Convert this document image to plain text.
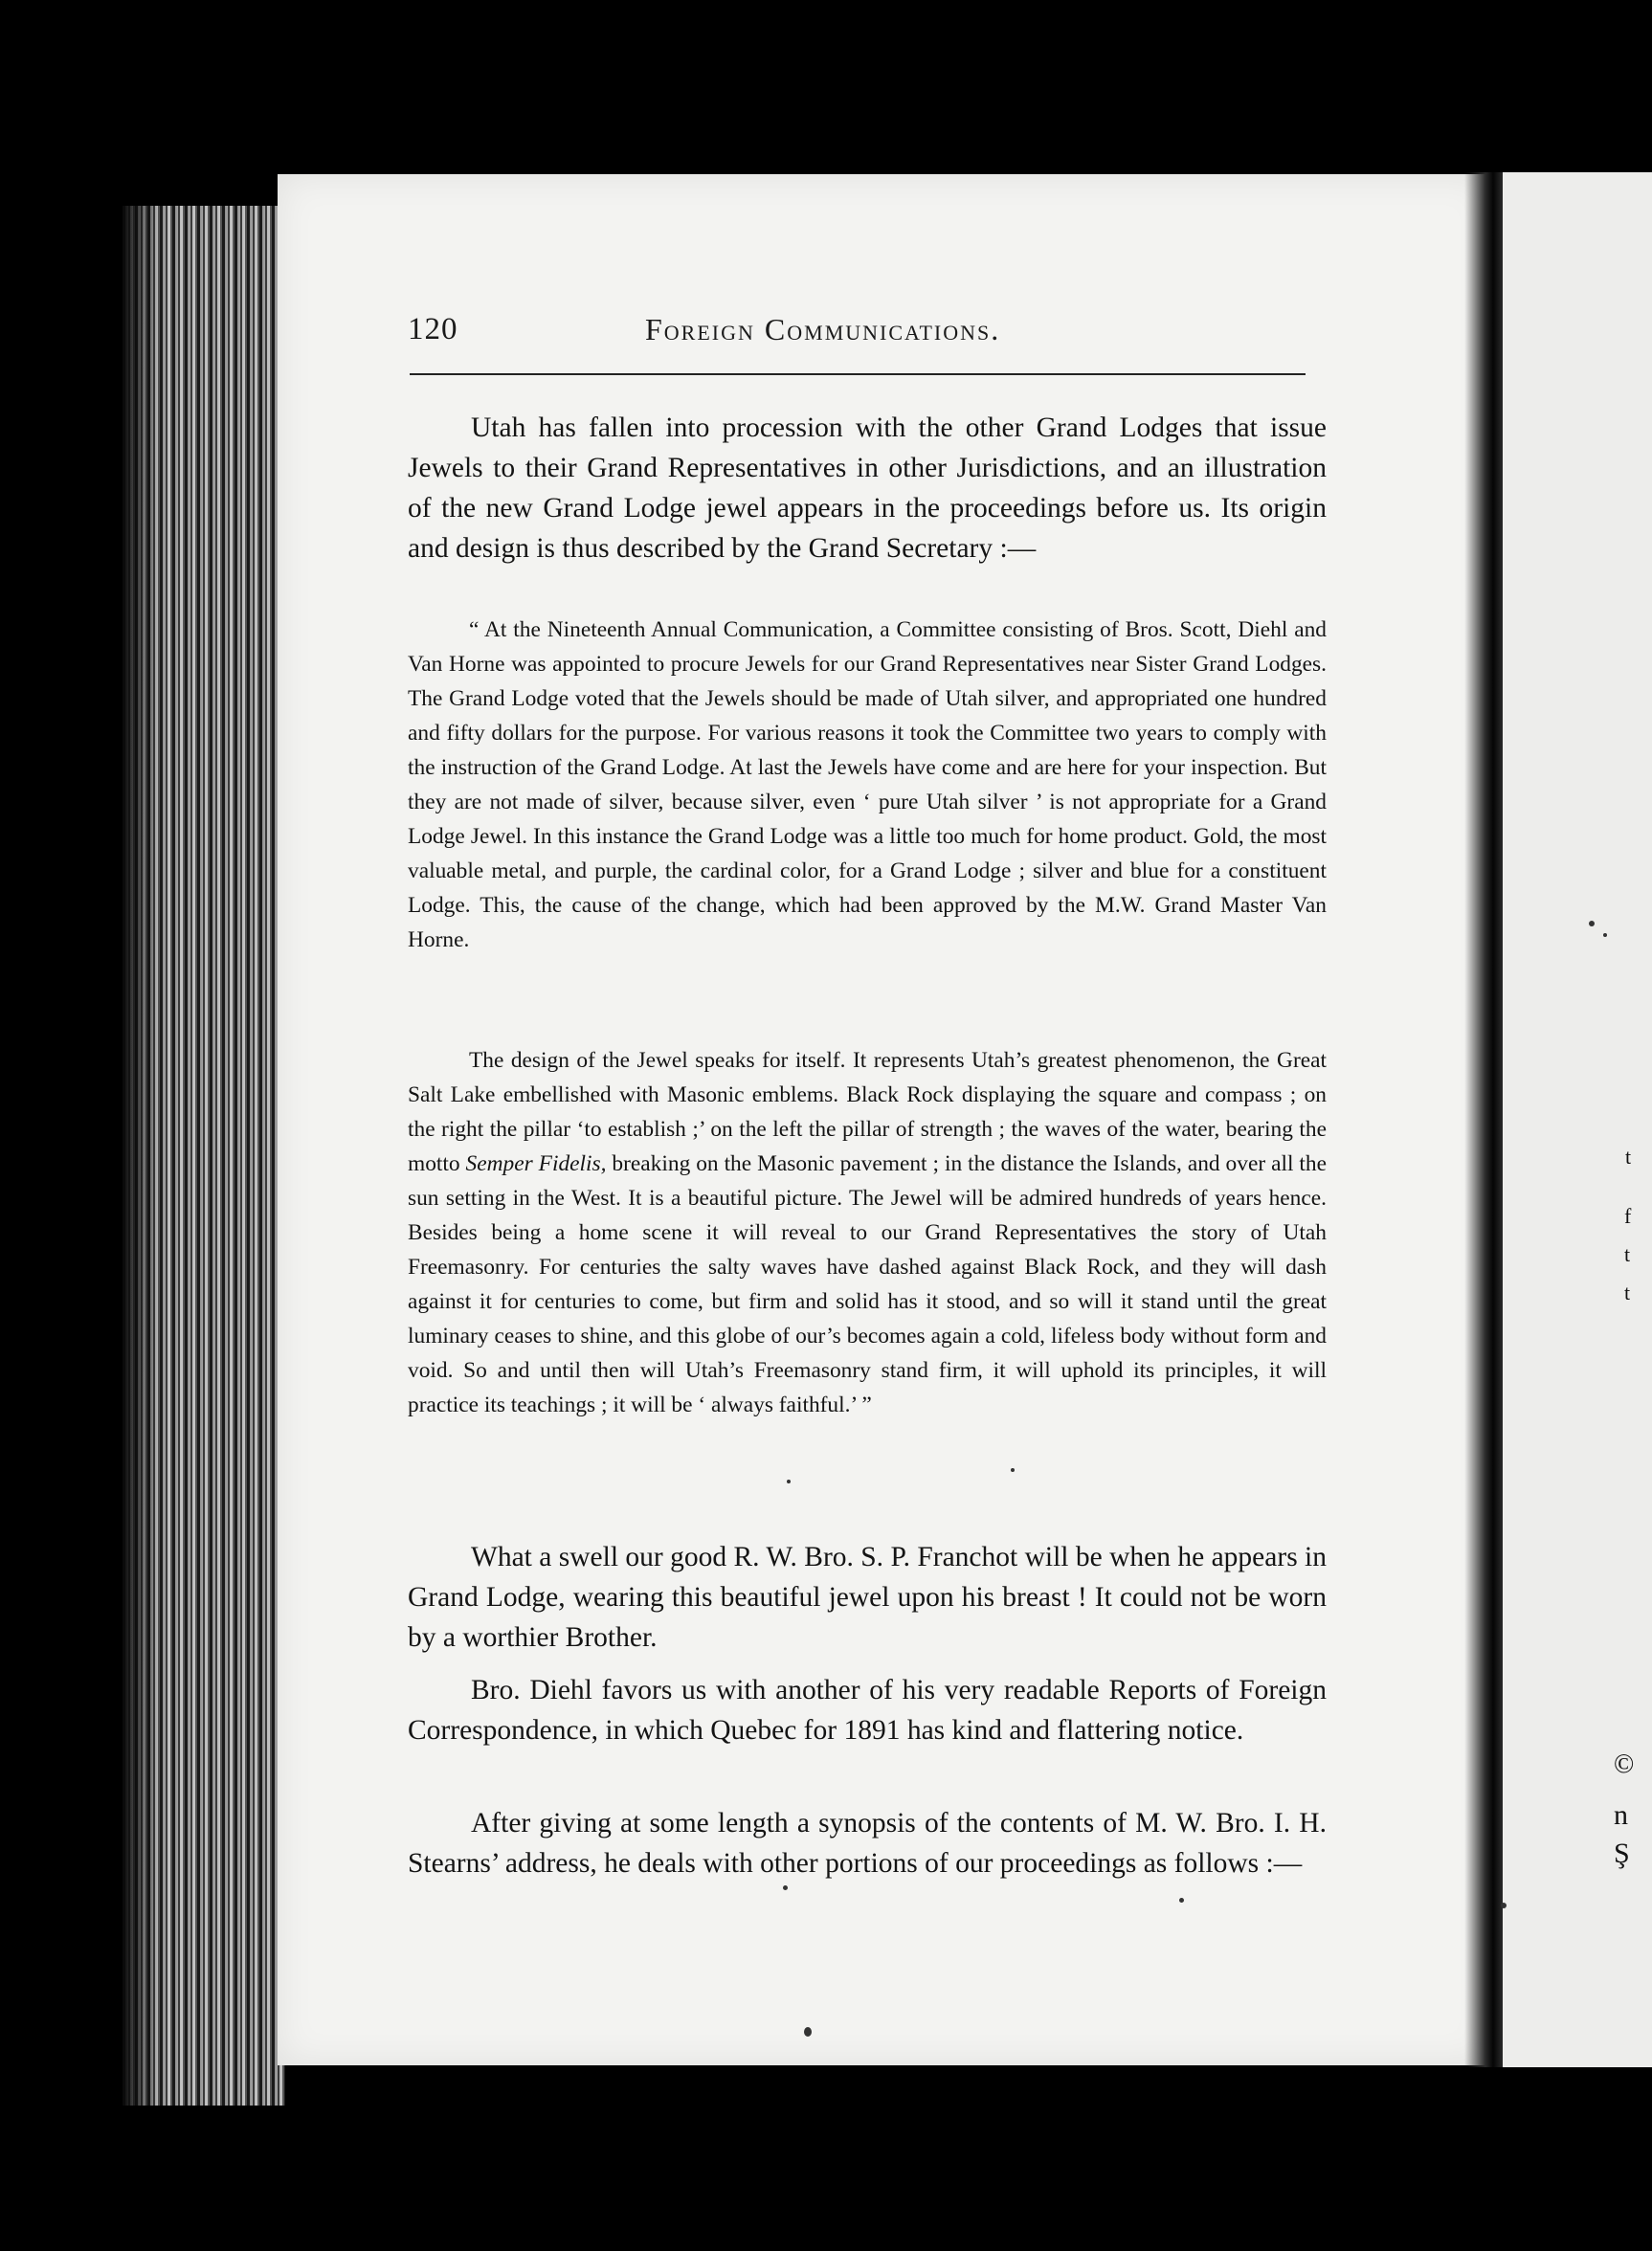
120	Foreign Communications.

Utah has fallen into procession with the other Grand Lodges that issue Jewels to their Grand Representatives in other Jurisdictions, and an illustration of the new Grand Lodge jewel appears in the proceedings before us. Its origin and design is thus described by the Grand Secretary :—

“ At the Nineteenth Annual Communication, a Committee consisting of Bros. Scott, Diehl and Van Horne was appointed to procure Jewels for our Grand Representatives near Sister Grand Lodges. The Grand Lodge voted that the Jewels should be made of Utah silver, and appropriated one hundred and fifty dollars for the purpose. For various reasons it took the Committee two years to comply with the instruction of the Grand Lodge. At last the Jewels have come and are here for your inspection. But they are not made of silver, because silver, even ‘ pure Utah silver ’ is not appropriate for a Grand Lodge Jewel. In this instance the Grand Lodge was a little too much for home product. Gold, the most valuable metal, and purple, the cardinal color, for a Grand Lodge ; silver and blue for a constituent Lodge. This, the cause of the change, which had been approved by the M.W. Grand Master Van Horne.

The design of the Jewel speaks for itself. It represents Utah’s greatest phenomenon, the Great Salt Lake embellished with Masonic emblems. Black Rock displaying the square and compass ; on the right the pillar ‘to establish ;’ on the left the pillar of strength ; the waves of the water, bearing the motto Semper Fidelis, breaking on the Masonic pavement ; in the distance the Islands, and over all the sun setting in the West. It is a beautiful picture. The Jewel will be admired hundreds of years hence. Besides being a home scene it will reveal to our Grand Representatives the story of Utah Freemasonry. For centuries the salty waves have dashed against Black Rock, and they will dash against it for centuries to come, but firm and solid has it stood, and so will it stand until the great luminary ceases to shine, and this globe of our’s becomes again a cold, lifeless body without form and void. So and until then will Utah’s Freemasonry stand firm, it will uphold its principles, it will practice its teachings ; it will be ‘ always faithful.’ ”

What a swell our good R. W. Bro. S. P. Franchot will be when he appears in Grand Lodge, wearing this beautiful jewel upon his breast ! It could not be worn by a worthier Brother.

Bro. Diehl favors us with another of his very readable Reports of Foreign Correspondence, in which Quebec for 1891 has kind and flattering notice.

After giving at some length a synopsis of the contents of M. W. Bro. I. H. Stearns’ address, he deals with other portions of our proceedings as follows :—

t
f
t
t
©
n
Ş
